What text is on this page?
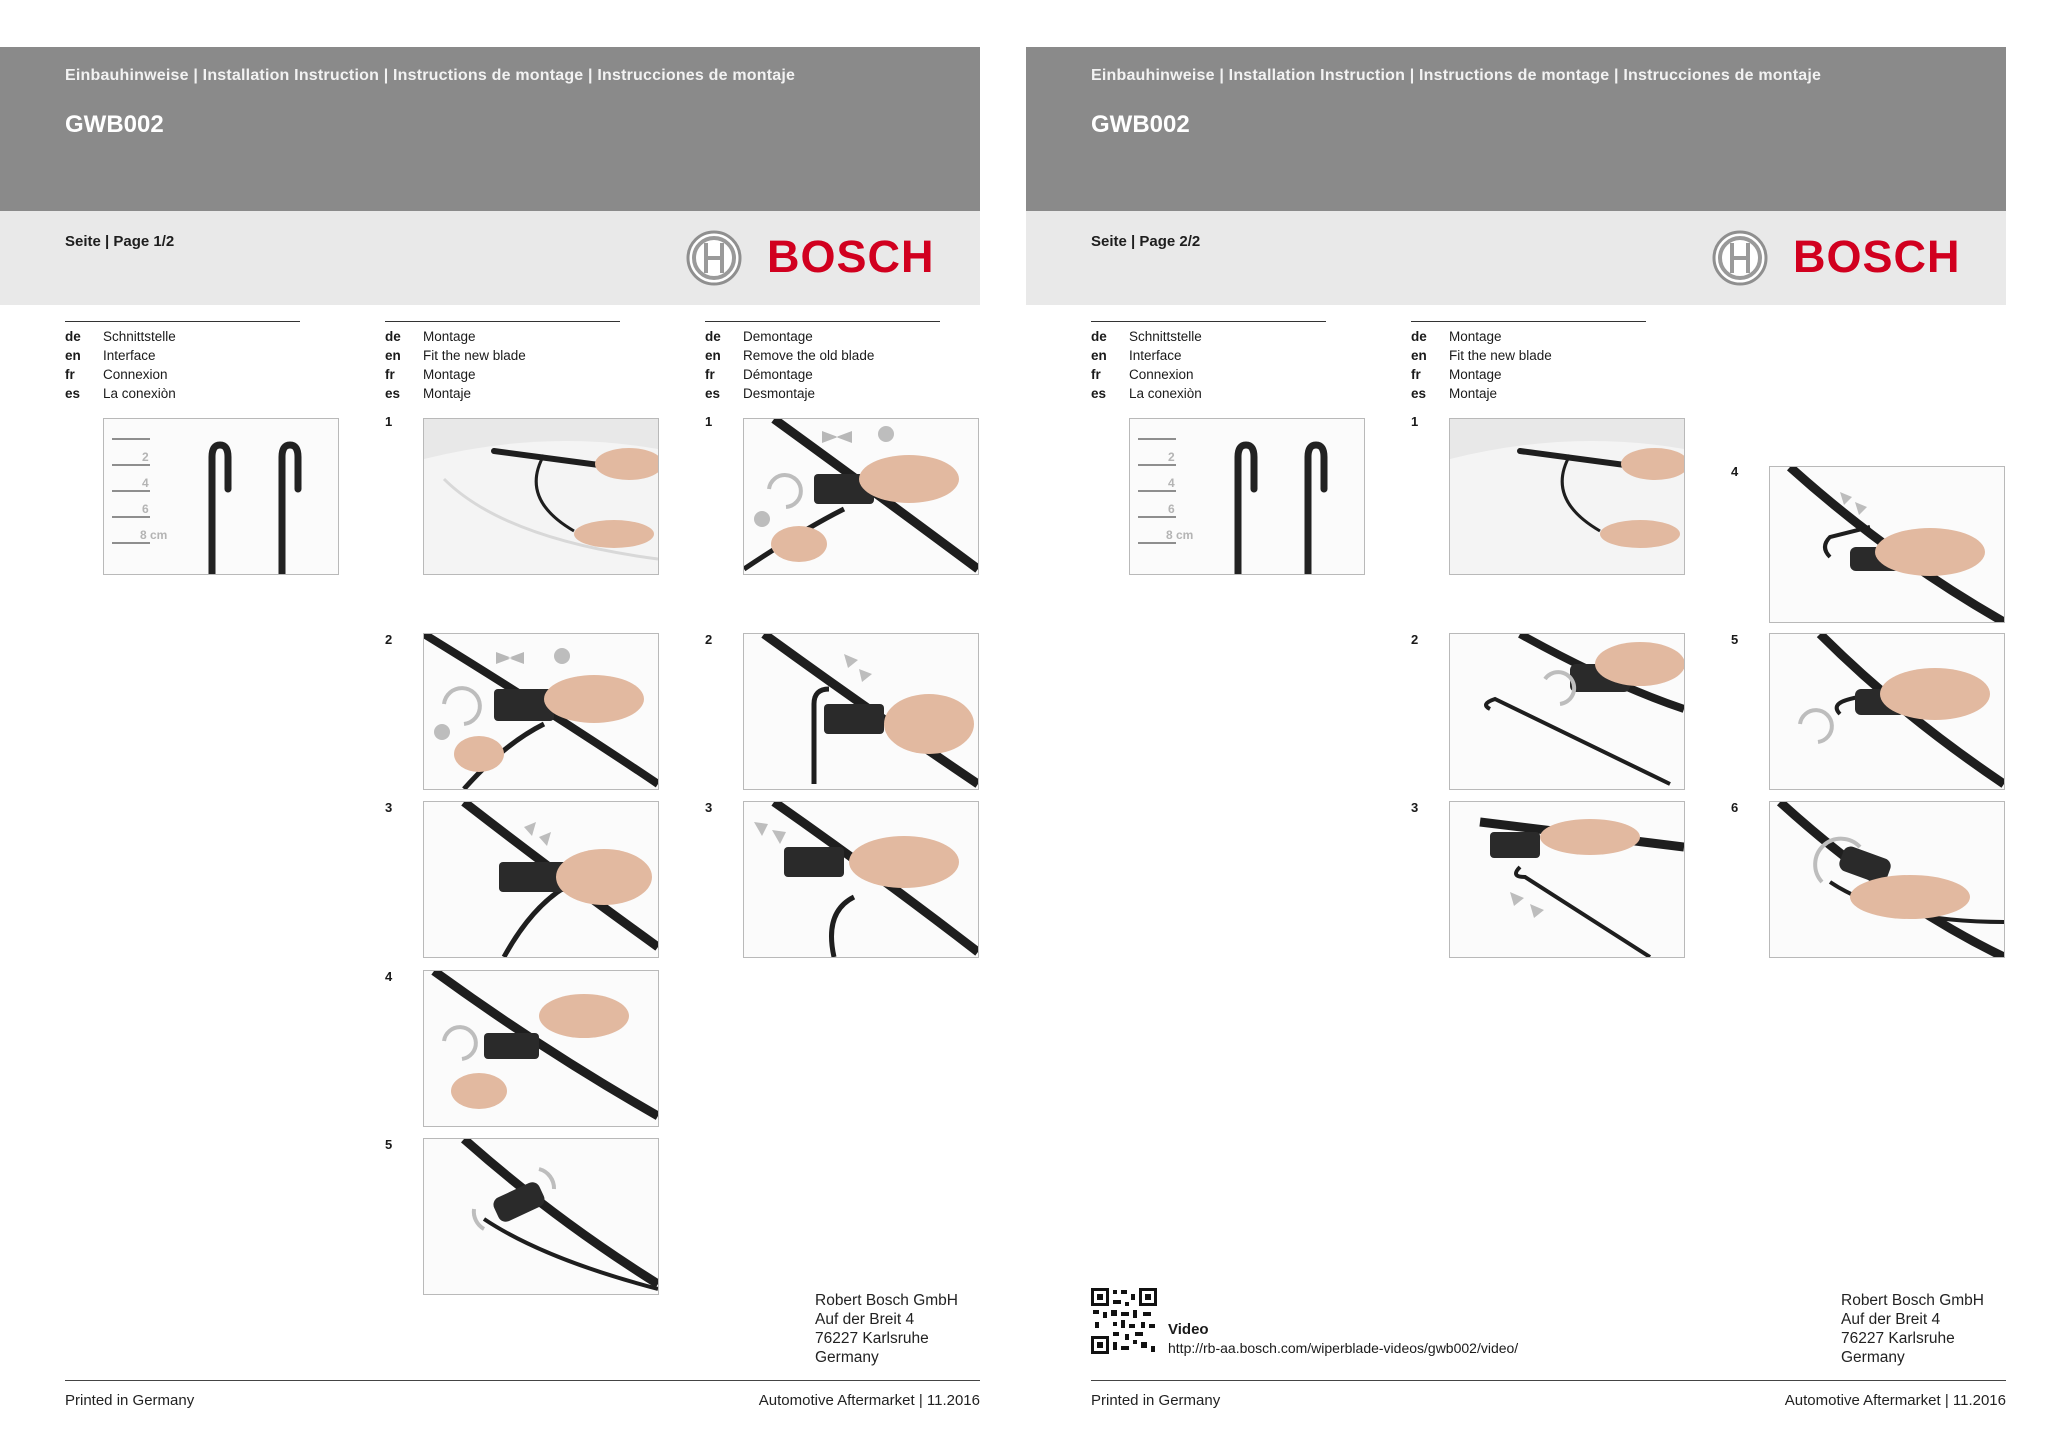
Einbauhinweise | Installation Instruction | Instructions de montage | Instrucciones de montaje
GWB002
Seite | Page 1/2	BOSCH
de Schnittstelle
en Interface
fr Connexion
es La conexiòn
2
4
6
8 cm
de Montage
en Fit the new blade
fr Montage
es Montaje
1
2
3
4
5
de Demontage
en Remove the old blade
fr Démontage
es Desmontaje
1
2
3
Robert Bosch GmbH
Auf der Breit 4
76227 Karlsruhe
Germany
Printed in Germany	Automotive Aftermarket | 11.2016
Einbauhinweise | Installation Instruction | Instructions de montage | Instrucciones de montaje
GWB002
Seite | Page 2/2	BOSCH
de Schnittstelle
en Interface
fr Connexion
es La conexiòn
2
4
6
8 cm
de Montage
en Fit the new blade
fr Montage
es Montaje
1
2
3
4
5
6
Video
http://rb-aa.bosch.com/wiperblade-videos/gwb002/video/
Robert Bosch GmbH
Auf der Breit 4
76227 Karlsruhe
Germany
Printed in Germany	Automotive Aftermarket | 11.2016
